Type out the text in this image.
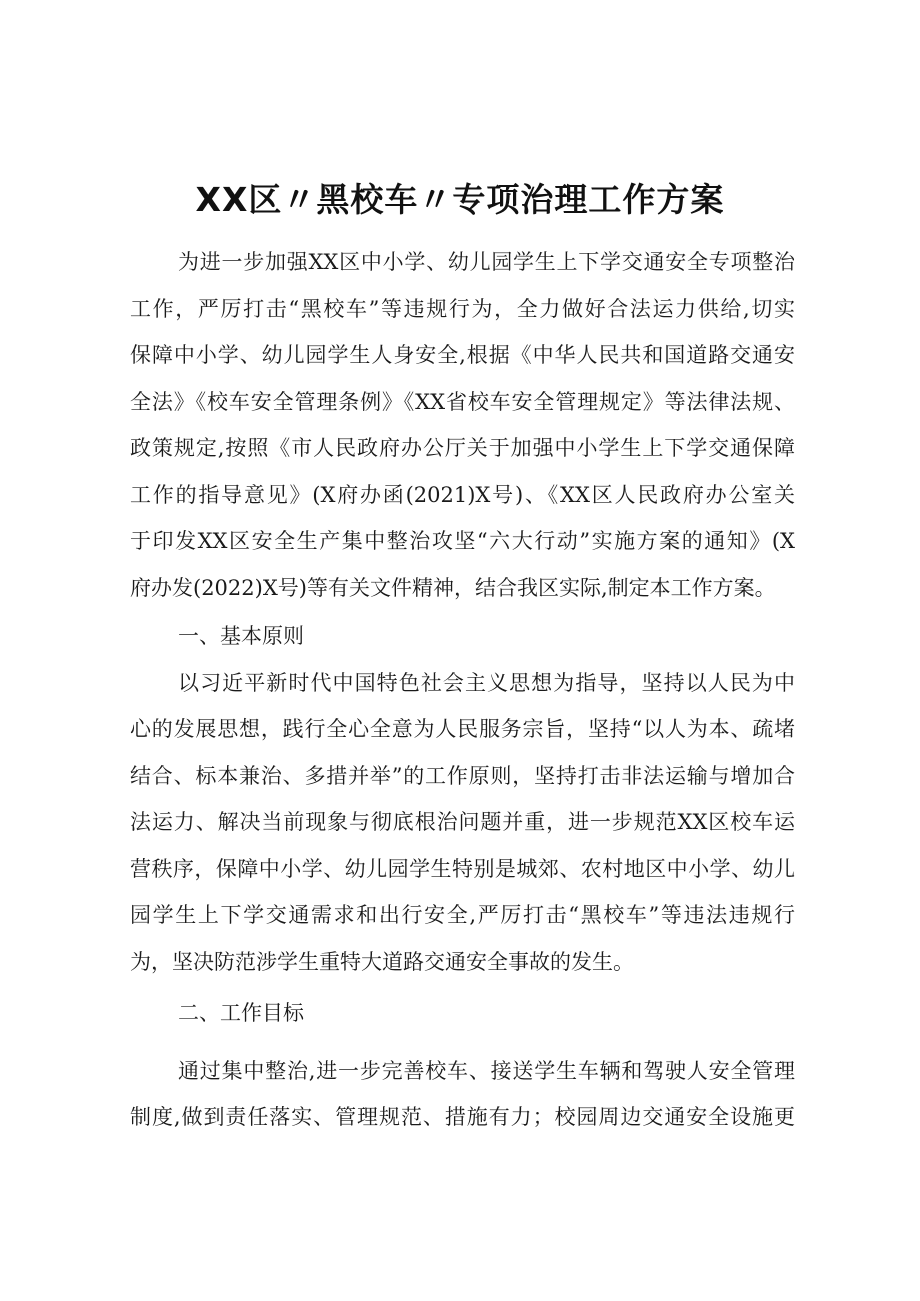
XX区〃黑校车〃专项治理工作方案
为进一步加强XX区中小学、幼儿园学生上下学交通安全专项整治
工作，严厉打击“黑校车”等违规行为，全力做好合法运力供给,切实
保障中小学、幼儿园学生人身安全,根据《中华人民共和国道路交通安
全法》《校车安全管理条例》《XX省校车安全管理规定》等法律法规、
政策规定,按照《市人民政府办公厅关于加强中小学生上下学交通保障
工作的指导意见》(X府办函(2021)X号)、《XX区人民政府办公室关
于印发XX区安全生产集中整治攻坚“六大行动”实施方案的通知》(X
府办发(2022)X号)等有关文件精神，结合我区实际,制定本工作方案。
一、基本原则
以习近平新时代中国特色社会主义思想为指导，坚持以人民为中
心的发展思想，践行全心全意为人民服务宗旨，坚持“以人为本、疏堵
结合、标本兼治、多措并举”的工作原则，坚持打击非法运输与增加合
法运力、解决当前现象与彻底根治问题并重，进一步规范XX区校车运
营秩序，保障中小学、幼儿园学生特别是城郊、农村地区中小学、幼儿
园学生上下学交通需求和出行安全,严厉打击“黑校车”等违法违规行
为，坚决防范涉学生重特大道路交通安全事故的发生。
二、工作目标
通过集中整治,进一步完善校车、接送学生车辆和驾驶人安全管理
制度,做到责任落实、管理规范、措施有力；校园周边交通安全设施更
